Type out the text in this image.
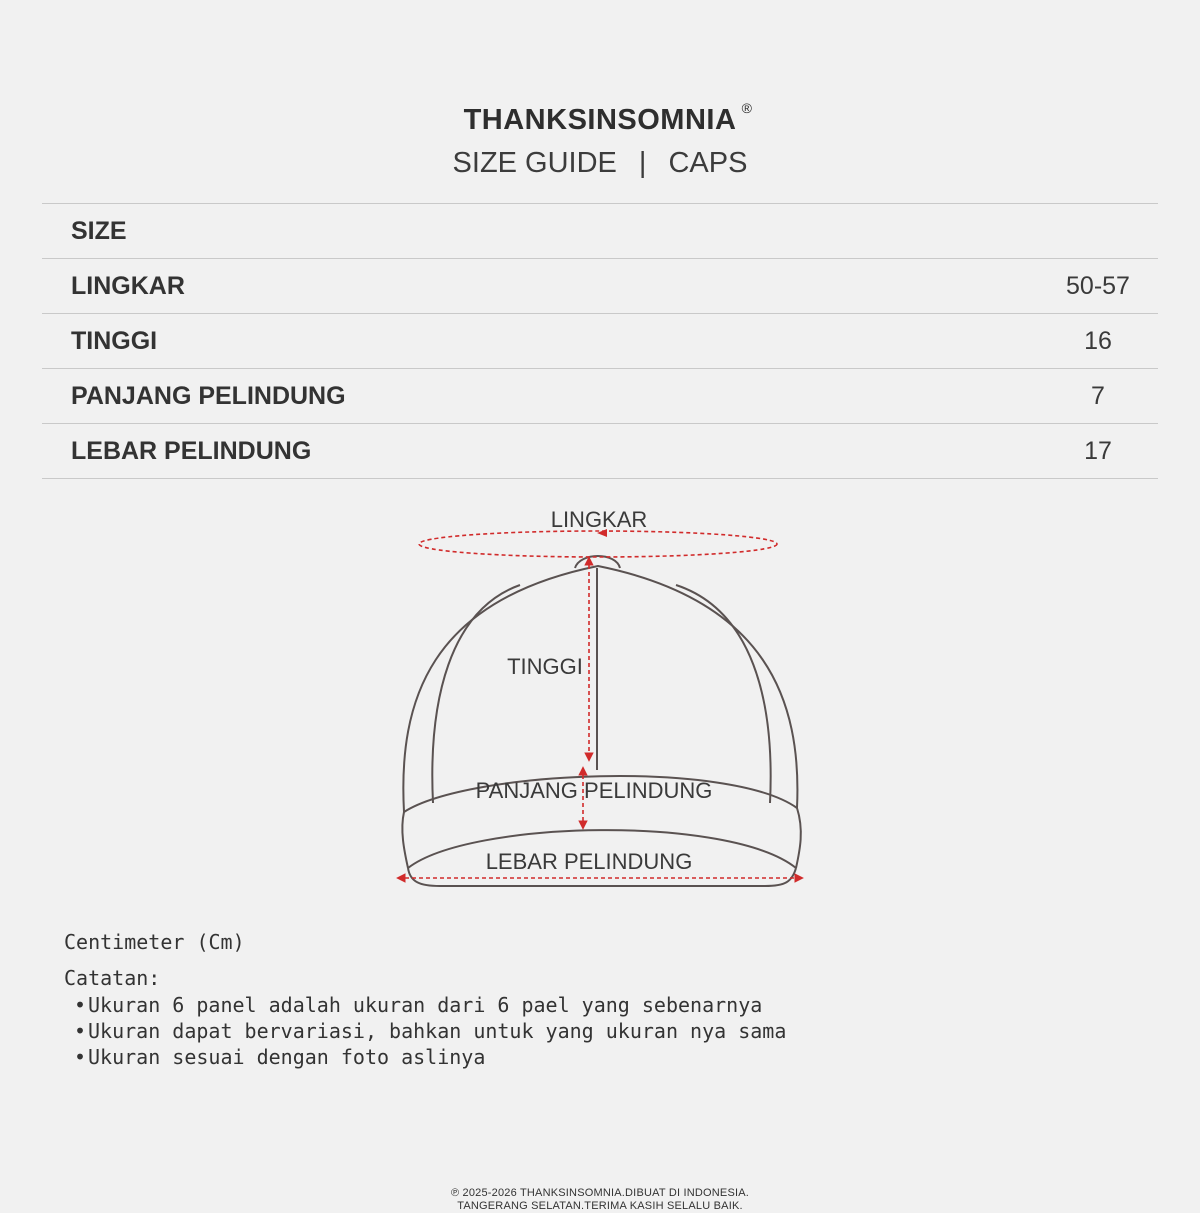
THANKSINSOMNIA ®
SIZE GUIDE | CAPS
SIZE	
LINGKAR	50-57
TINGGI	16
PANJANG PELINDUNG	7
LEBAR PELINDUNG	17
LINGKAR
TINGGI
PANJANG PELINDUNG
LEBAR PELINDUNG
Centimeter (Cm)
Catatan:
• Ukuran 6 panel adalah ukuran dari 6 pael yang sebenarnya
• Ukuran dapat bervariasi, bahkan untuk yang ukuran nya sama
• Ukuran sesuai dengan foto aslinya
℗ 2025-2026 THANKSINSOMNIA.DIBUAT DI INDONESIA.
TANGERANG SELATAN.TERIMA KASIH SELALU BAIK.
